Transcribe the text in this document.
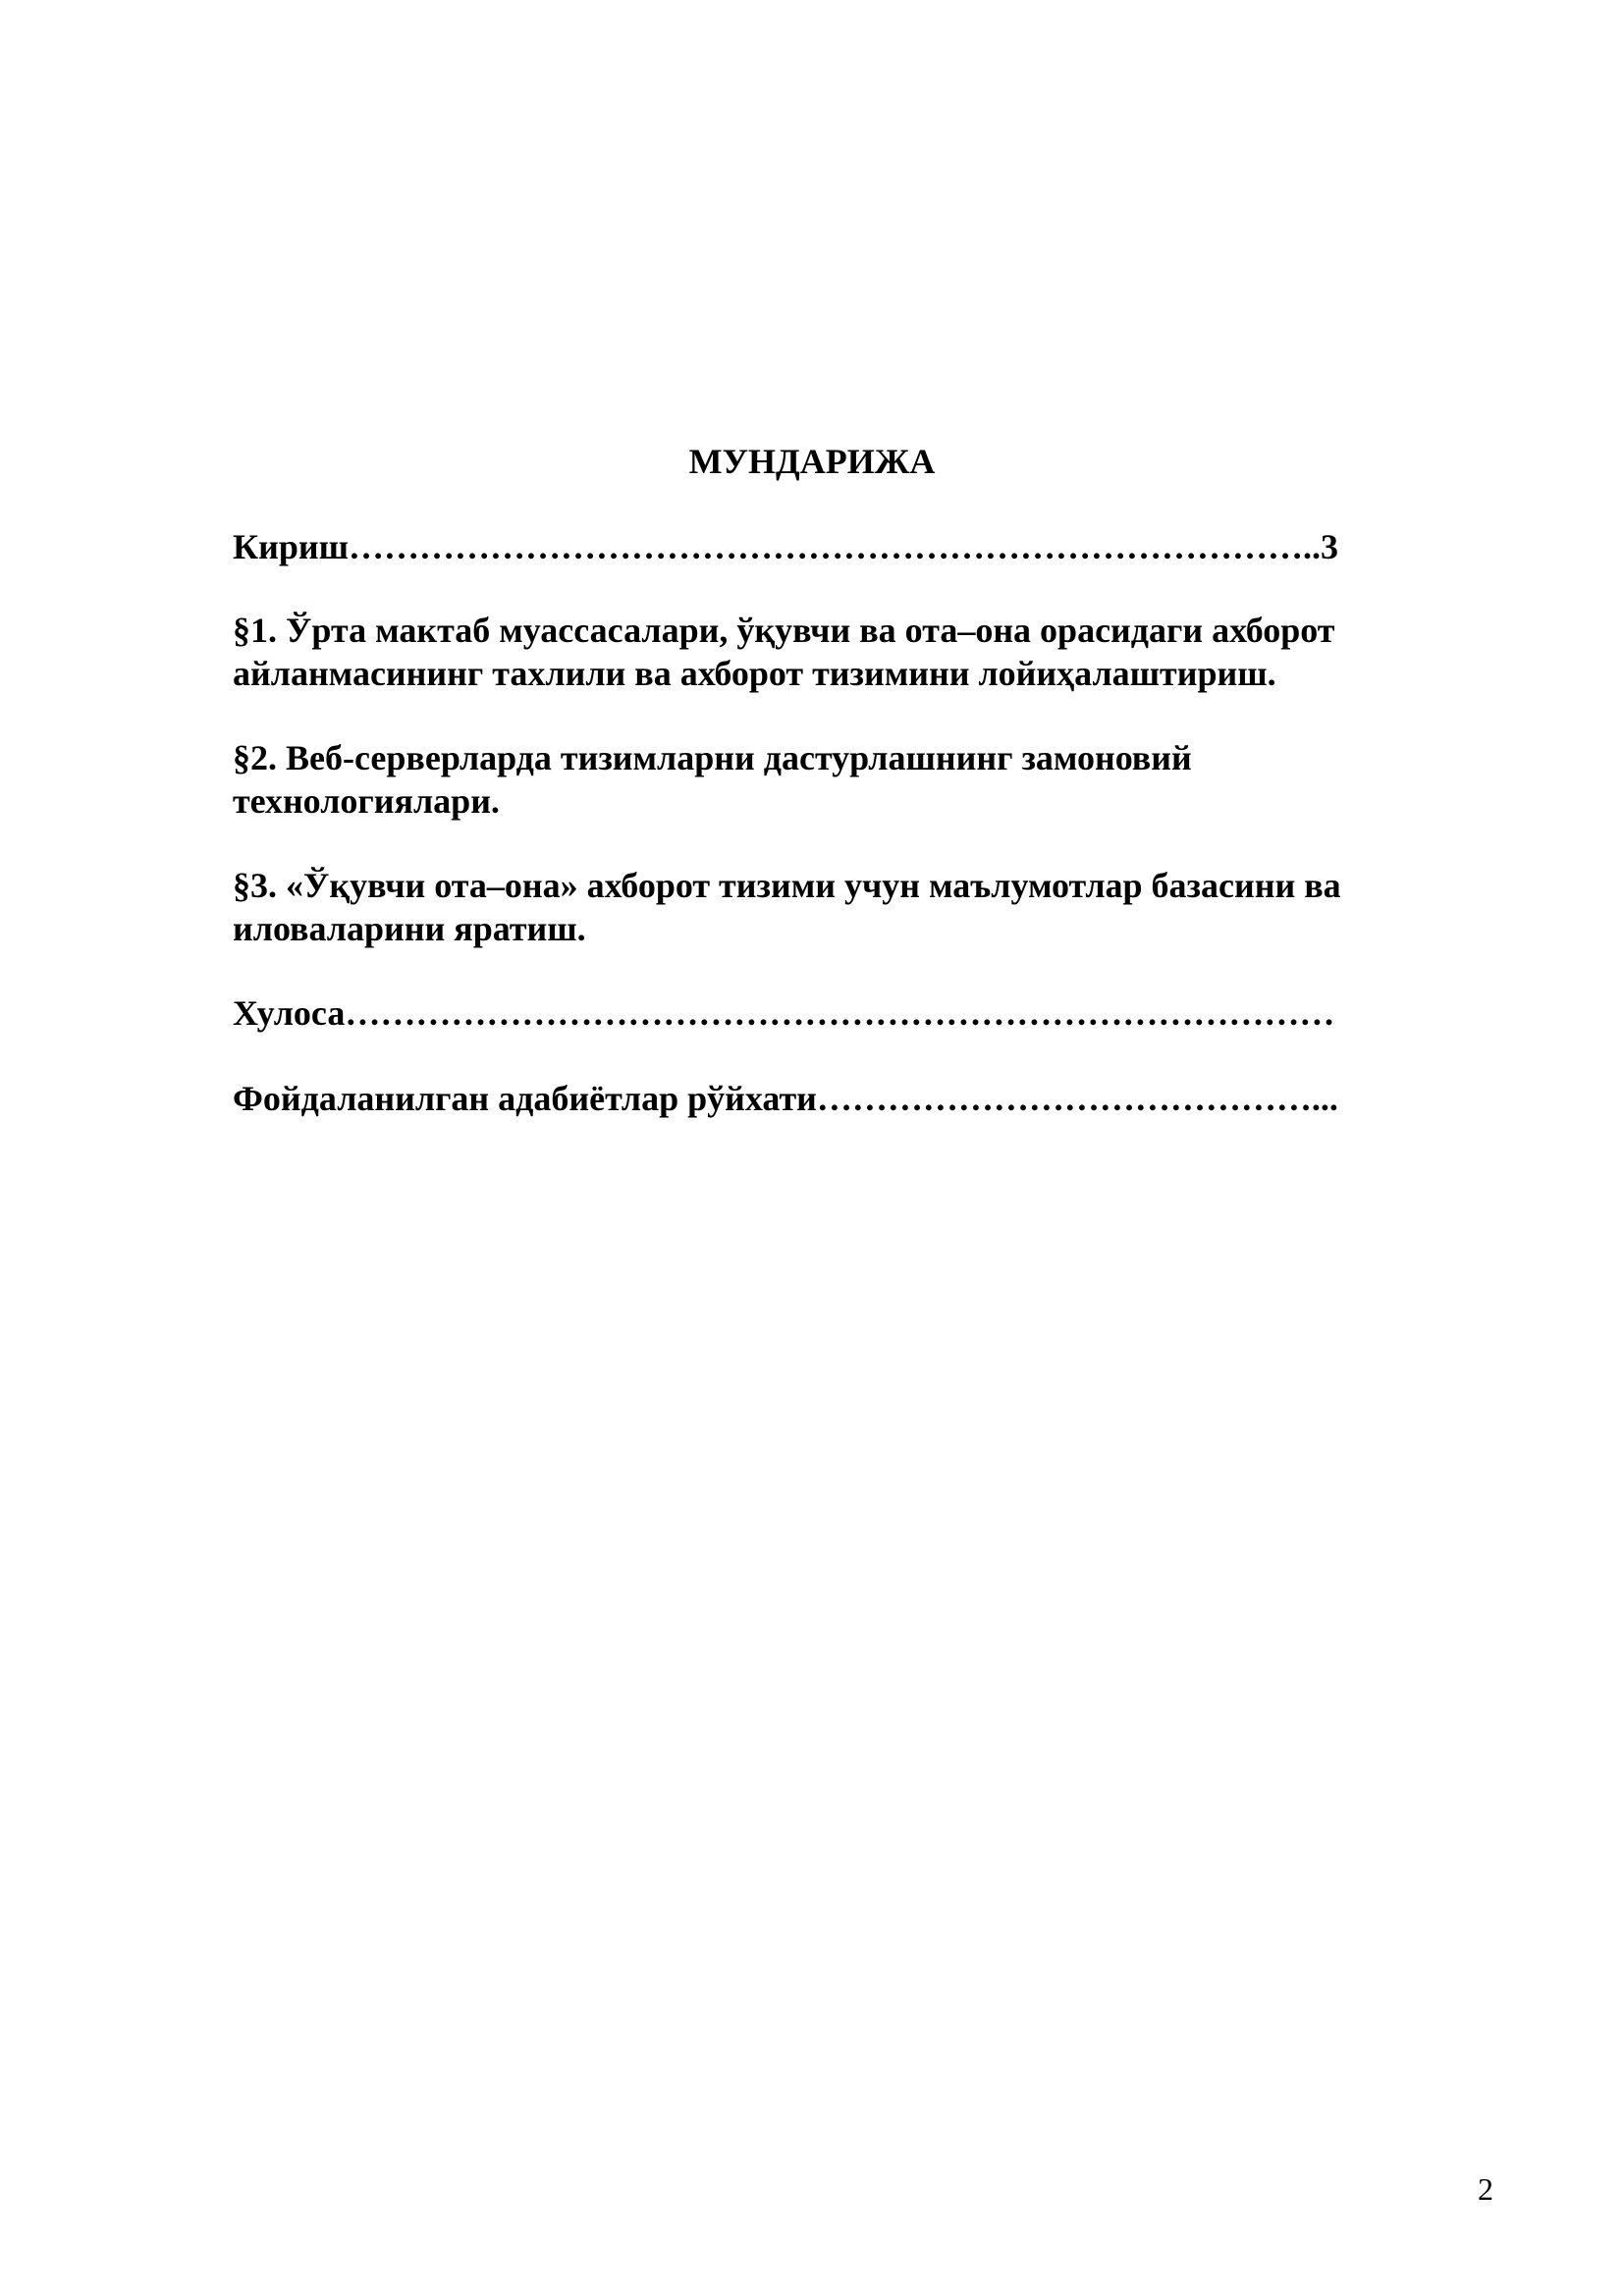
МУНДАРИЖА
Кириш………………………………………………………………………..3
§1. Ўрта мактаб муассасалари, ўқувчи ва ота–она орасидаги ахборот
айланмасининг тахлили ва ахборот тизимини лойиҳалаштириш.
§2. Веб-серверларда тизимларни дастурлашнинг замоновий
технологиялари.
§3. «Ўқувчи ота–она» ахборот тизими учун маълумотлар базасини ва
иловаларини яратиш.
Хулоса…………………………………………………………………………
Фойдаланилган адабиётлар рўйхати……………………………………...
2
